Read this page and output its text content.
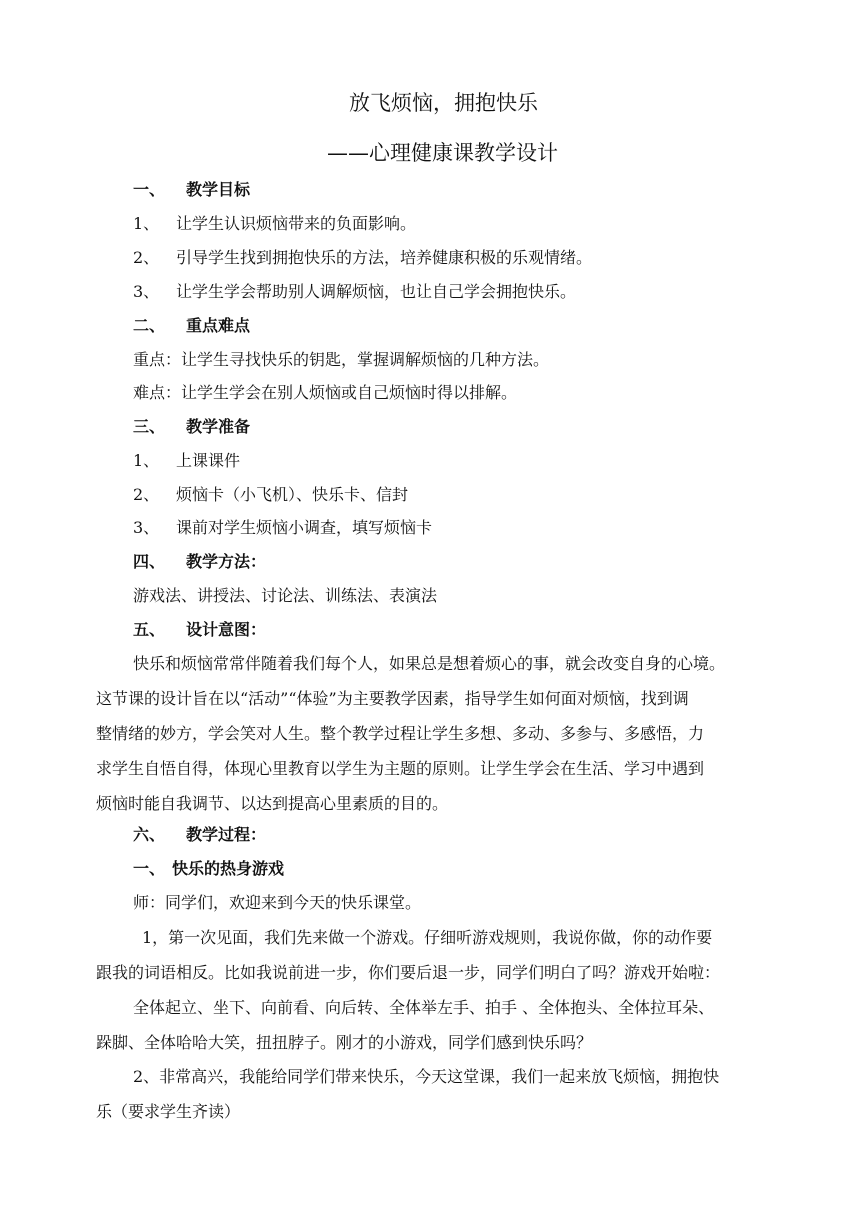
放飞烦恼，拥抱快乐
——心理健康课教学设计
一、 教学目标
1、 让学生认识烦恼带来的负面影响。
2、 引导学生找到拥抱快乐的方法，培养健康积极的乐观情绪。
3、 让学生学会帮助别人调解烦恼，也让自己学会拥抱快乐。
二、 重点难点
重点：让学生寻找快乐的钥匙，掌握调解烦恼的几种方法。
难点：让学生学会在别人烦恼或自己烦恼时得以排解。
三、 教学准备
1、 上课课件
2、 烦恼卡（小飞机）、快乐卡、信封
3、 课前对学生烦恼小调查，填写烦恼卡
四、 教学方法：
游戏法、讲授法、讨论法、训练法、表演法
五、 设计意图：
快乐和烦恼常常伴随着我们每个人，如果总是想着烦心的事，就会改变自身的心境。
这节课的设计旨在以“活动”“体验”为主要教学因素，指导学生如何面对烦恼，找到调
整情绪的妙方，学会笑对人生。整个教学过程让学生多想、多动、多参与、多感悟，力
求学生自悟自得，体现心里教育以学生为主题的原则。让学生学会在生活、学习中遇到
烦恼时能自我调节、以达到提高心里素质的目的。
六、 教学过程：
一、 快乐的热身游戏
师：同学们，欢迎来到今天的快乐课堂。
1，第一次见面，我们先来做一个游戏。仔细听游戏规则，我说你做，你的动作要
跟我的词语相反。比如我说前进一步，你们要后退一步，同学们明白了吗？游戏开始啦：
全体起立、坐下、向前看、向后转、全体举左手、拍手 、全体抱头、全体拉耳朵、
跺脚、全体哈哈大笑，扭扭脖子。刚才的小游戏，同学们感到快乐吗？
2、非常高兴，我能给同学们带来快乐，今天这堂课，我们一起来放飞烦恼，拥抱快
乐（要求学生齐读）
